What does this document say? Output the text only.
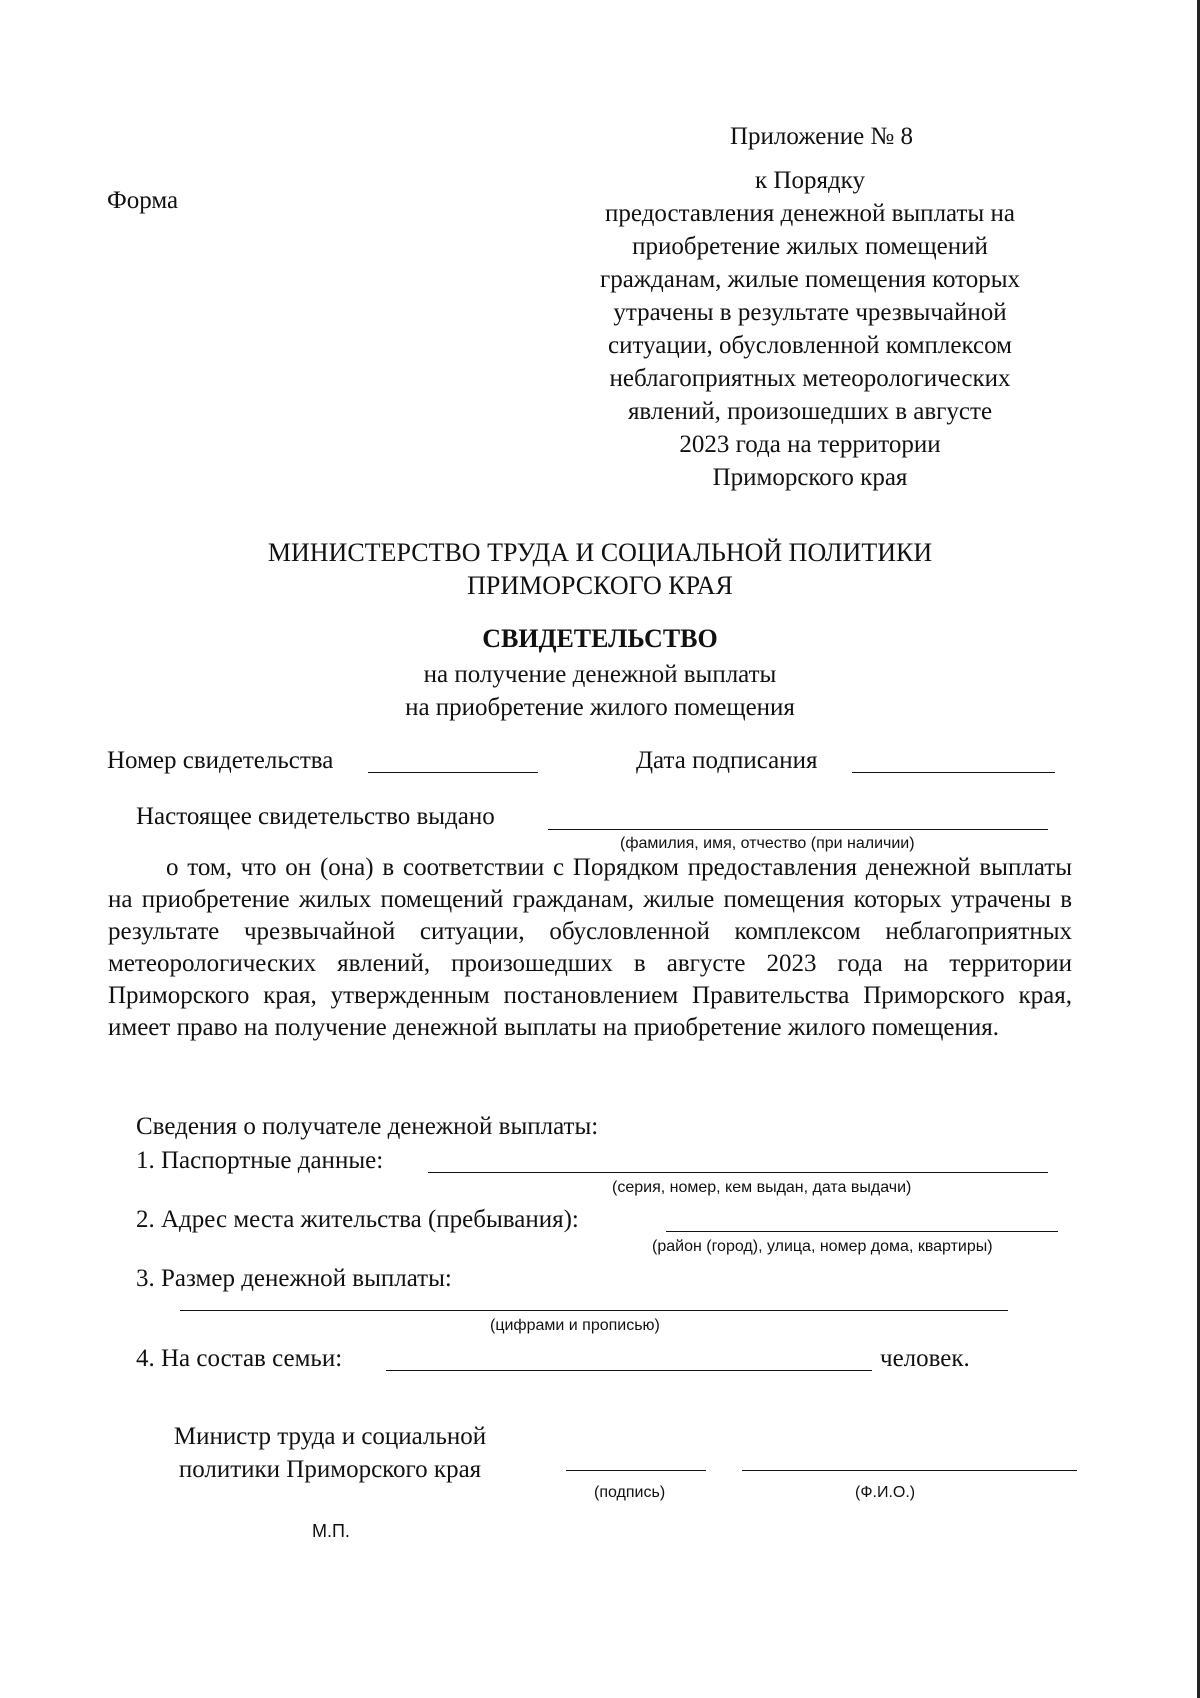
Приложение № 8
Форма
к Порядку
предоставления денежной выплаты на
приобретение жилых помещений
гражданам, жилые помещения которых
утрачены в результате чрезвычайной
ситуации, обусловленной комплексом
неблагоприятных метеорологических
явлений, произошедших в августе
2023 года на территории
Приморского края
МИНИСТЕРСТВО ТРУДА И СОЦИАЛЬНОЙ ПОЛИТИКИ
ПРИМОРСКОГО КРАЯ
СВИДЕТЕЛЬСТВО
на получение денежной выплаты
на приобретение жилого помещения
Номер свидетельства	Дата подписания
Настоящее свидетельство выдано
(фамилия, имя, отчество (при наличии)
о том, что он (она) в соответствии с Порядком предоставления денежной выплаты на приобретение жилых помещений гражданам, жилые помещения которых утрачены в результате чрезвычайной ситуации, обусловленной комплексом неблагоприятных метеорологических явлений, произошедших в августе 2023 года на территории Приморского края, утвержденным постановлением Правительства Приморского края, имеет право на получение денежной выплаты на приобретение жилого помещения.
Сведения о получателе денежной выплаты:
1. Паспортные данные:
(серия, номер, кем выдан, дата выдачи)
2. Адрес места жительства (пребывания):
(район (город), улица, номер дома, квартиры)
3. Размер денежной выплаты:
(цифрами и прописью)
4. На состав семьи:	человек.
Министр труда и социальной
политики Приморского края
(подпись)	(Ф.И.О.)
М.П.
